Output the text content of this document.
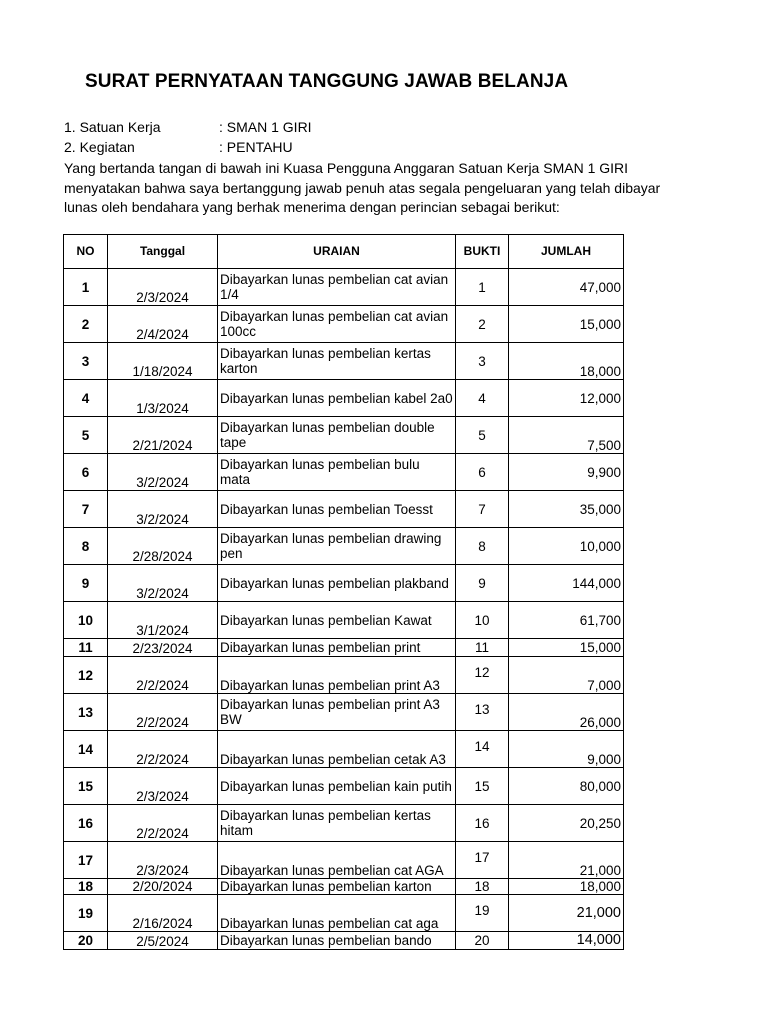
SURAT PERNYATAAN TANGGUNG JAWAB BELANJA
1. Satuan Kerja	: SMAN 1 GIRI
2. Kegiatan	: PENTAHU
Yang bertanda tangan di bawah ini Kuasa Pengguna Anggaran Satuan Kerja SMAN 1 GIRI
menyatakan bahwa saya bertanggung jawab penuh atas segala pengeluaran yang telah dibayar
lunas oleh bendahara yang berhak menerima dengan perincian sebagai berikut:
NO	Tanggal	URAIAN	BUKTI	JUMLAH
1	2/3/2024	Dibayarkan lunas pembelian cat avian 1/4	1	47,000
2	2/4/2024	Dibayarkan lunas pembelian cat avian 100cc	2	15,000
3	1/18/2024	Dibayarkan lunas pembelian kertas karton	3	18,000
4	1/3/2024	Dibayarkan lunas pembelian kabel 2a0	4	12,000
5	2/21/2024	Dibayarkan lunas pembelian double tape	5	7,500
6	3/2/2024	Dibayarkan lunas pembelian bulu mata	6	9,900
7	3/2/2024	Dibayarkan lunas pembelian Toesst	7	35,000
8	2/28/2024	Dibayarkan lunas pembelian drawing pen	8	10,000
9	3/2/2024	Dibayarkan lunas pembelian plakband	9	144,000
10	3/1/2024	Dibayarkan lunas pembelian Kawat	10	61,700
11	2/23/2024	Dibayarkan lunas pembelian print	11	15,000
12	2/2/2024	Dibayarkan lunas pembelian print A3	12	7,000
13	2/2/2024	Dibayarkan lunas pembelian print A3 BW	13	26,000
14	2/2/2024	Dibayarkan lunas pembelian cetak A3	14	9,000
15	2/3/2024	Dibayarkan lunas pembelian kain putih	15	80,000
16	2/2/2024	Dibayarkan lunas pembelian kertas hitam	16	20,250
17	2/3/2024	Dibayarkan lunas pembelian cat AGA	17	21,000
18	2/20/2024	Dibayarkan lunas pembelian karton	18	18,000
19	2/16/2024	Dibayarkan lunas pembelian cat aga	19	21,000
20	2/5/2024	Dibayarkan lunas pembelian bando	20	14,000
